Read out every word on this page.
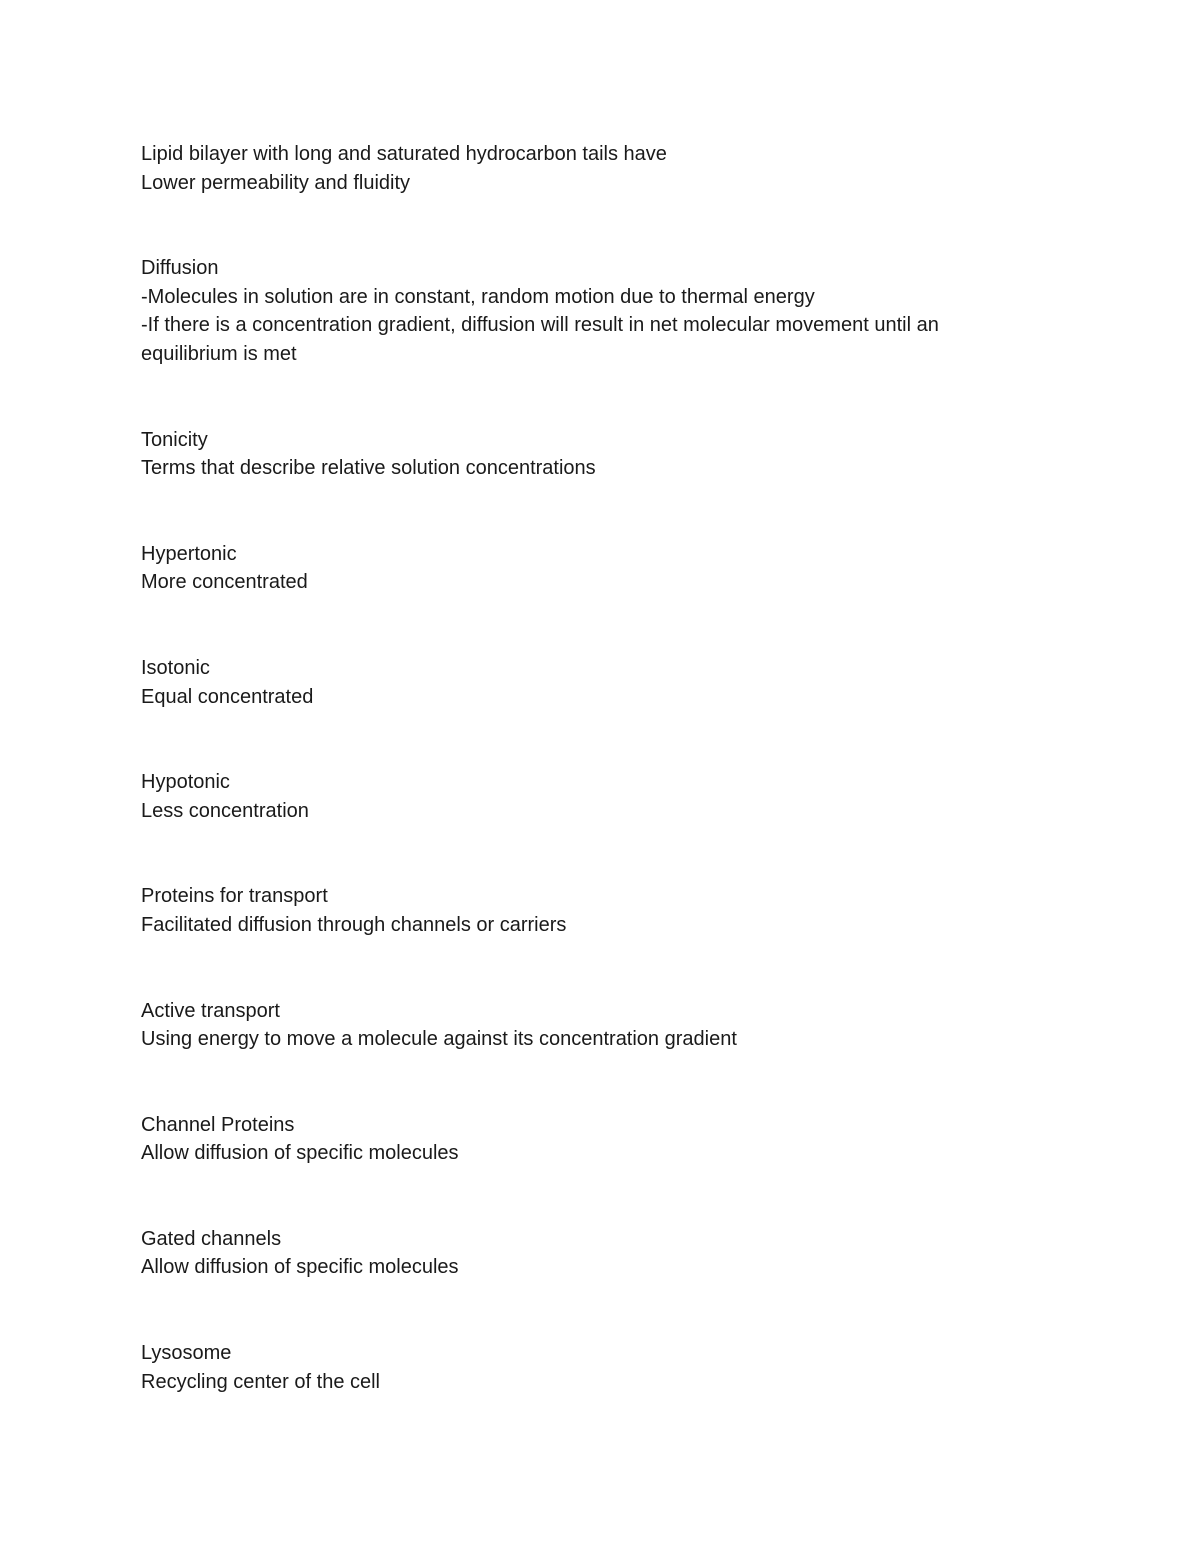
Lipid bilayer with long and saturated hydrocarbon tails have
Lower permeability and fluidity
Diffusion
-Molecules in solution are in constant, random motion due to thermal energy
-If there is a concentration gradient, diffusion will result in net molecular movement until an
equilibrium is met
Tonicity
Terms that describe relative solution concentrations
Hypertonic
More concentrated
Isotonic
Equal concentrated
Hypotonic
Less concentration
Proteins for transport
Facilitated diffusion through channels or carriers
Active transport
Using energy to move a molecule against its concentration gradient
Channel Proteins
Allow diffusion of specific molecules
Gated channels
Allow diffusion of specific molecules
Lysosome
Recycling center of the cell
